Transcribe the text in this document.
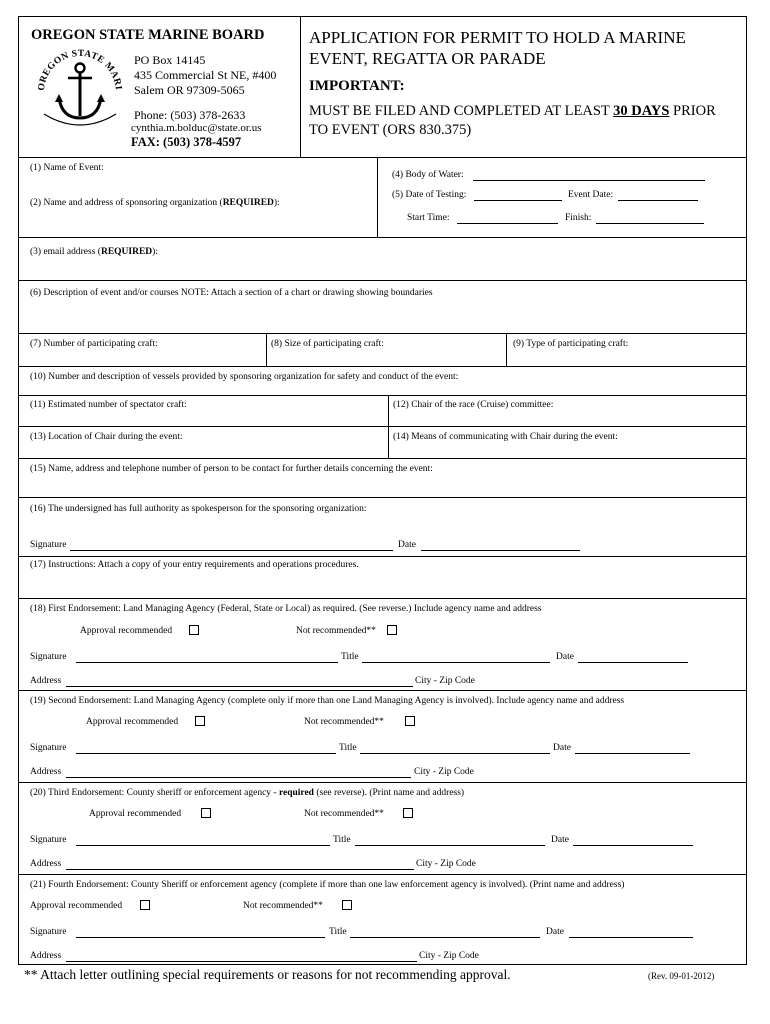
OREGON STATE MARINE BOARD
OREGON STATE MARI
PO Box 14145
435 Commercial St NE, #400
Salem OR 97309-5065
Phone: (503) 378-2633
cynthia.m.bolduc@state.or.us
FAX: (503) 378-4597
APPLICATION FOR PERMIT TO HOLD A MARINE
EVENT, REGATTA OR PARADE
IMPORTANT:
MUST BE FILED AND COMPLETED AT LEAST 30 DAYS PRIOR
TO EVENT (ORS 830.375)
(1) Name of Event:
(2) Name and address of sponsoring organization (REQUIRED):
(4) Body of Water:
(5) Date of Testing:	Event Date:
Start Time:	Finish:
(3) email address (REQUIRED):
(6) Description of event and/or courses NOTE: Attach a section of a chart or drawing showing boundaries
(7) Number of participating craft:	(8) Size of participating craft:	(9) Type of participating craft:
(10) Number and description of vessels provided by sponsoring organization for safety and conduct of the event:
(11) Estimated number of spectator craft:	(12) Chair of the race (Cruise) committee:
(13) Location of Chair during the event:	(14) Means of communicating with Chair during the event:
(15) Name, address and telephone number of person to be contact for further details concerning the event:
(16) The undersigned has full authority as spokesperson for the sponsoring organization:
Signature	Date
(17) Instructions: Attach a copy of your entry requirements and operations procedures.
(18) First Endorsement: Land Managing Agency (Federal, State or Local) as required. (See reverse.) Include agency name and address
Approval recommended	Not recommended**
Signature	Title	Date
Address	City - Zip Code
(19) Second Endorsement: Land Managing Agency (complete only if more than one Land Managing Agency is involved). Include agency name and address
Approval recommended	Not recommended**
Signature	Title	Date
Address	City - Zip Code
(20) Third Endorsement: County sheriff or enforcement agency - required (see reverse). (Print name and address)
Approval recommended	Not recommended**
Signature	Title	Date
Address	City - Zip Code
(21) Fourth Endorsement: County Sheriff or enforcement agency (complete if more than one law enforcement agency is involved). (Print name and address)
Approval recommended	Not recommended**
Signature	Title	Date
Address	City - Zip Code
** Attach letter outlining special requirements or reasons for not recommending approval.	(Rev. 09-01-2012)
